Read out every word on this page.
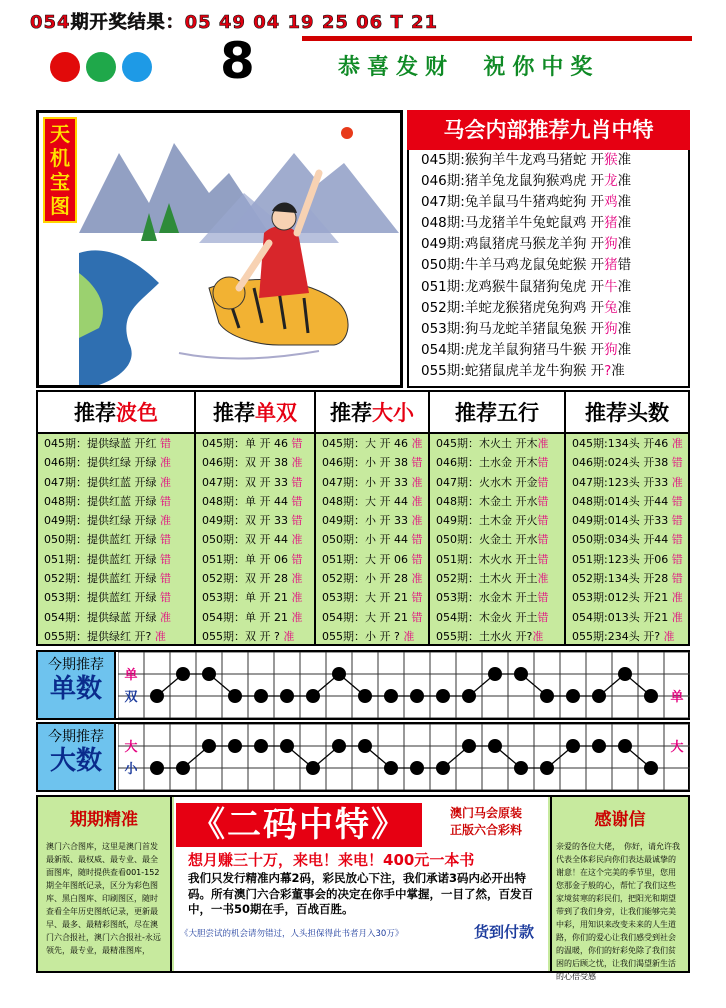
054期开奖结果：05 49 04 19 25 06 T 21
8	恭喜发财  祝你中奖
天
机
宝
图
马会内部推荐九肖中特
045期:猴狗羊牛龙鸡马猪蛇 开猴准
046期:猪羊兔龙鼠狗猴鸡虎 开龙准
047期:兔羊鼠马牛猪鸡蛇狗 开鸡准
048期:马龙猪羊牛兔蛇鼠鸡 开猪准
049期:鸡鼠猪虎马猴龙羊狗 开狗准
050期:牛羊马鸡龙鼠兔蛇猴 开猪错
051期:龙鸡猴牛鼠猪狗兔虎 开牛准
052期:羊蛇龙猴猪虎兔狗鸡 开兔准
053期:狗马龙蛇羊猪鼠兔猴 开狗准
054期:虎龙羊鼠狗猪马牛猴 开狗准
055期:蛇猪鼠虎羊龙牛狗猴 开?准
推荐波色
045期：提供绿蓝 开红 错
046期：提供红绿 开绿 准
047期：提供红蓝 开绿 准
048期：提供红蓝 开绿 错
049期：提供红绿 开绿 准
050期：提供蓝红 开绿 错
051期：提供蓝红 开绿 错
052期：提供蓝红 开绿 错
053期：提供蓝红 开绿 错
054期：提供绿蓝 开绿 准
055期：提供绿红 开? 准
推荐单双
045期：单 开 46 错
046期：双 开 38 准
047期：双 开 33 错
048期：单 开 44 错
049期：双 开 33 错
050期：双 开 44 准
051期：单 开 06 错
052期：双 开 28 准
053期：单 开 21 准
054期：单 开 21 准
055期：双 开 ? 准
推荐大小
045期：大 开 46 准
046期：小 开 38 错
047期：小 开 33 准
048期：大 开 44 准
049期：小 开 33 准
050期：小 开 44 错
051期：大 开 06 错
052期：小 开 28 准
053期：大 开 21 错
054期：大 开 21 错
055期：小 开 ? 准
推荐五行
045期：木火土 开木准
046期：土水金 开木错
047期：火水木 开金错
048期：木金土 开水错
049期：土木金 开火错
050期：火金土 开水错
051期：木火水 开土错
052期：土木火 开土准
053期：水金木 开土错
054期：木金火 开土错
055期：土水火 开?准
推荐头数
045期:134头 开46 准
046期:024头 开38 错
047期:123头 开33 准
048期:014头 开44 错
049期:014头 开33 错
050期:034头 开44 错
051期:123头 开06 错
052期:134头 开28 错
053期:012头 开21 准
054期:013头 开21 准
055期:234头 开? 准
今期推荐
单数	单
双	单
今期推荐
大数	大
小
大
期期精准
澳门六合图库，这里是澳门首发最新版、最权威、最专业、最全面图库，随时提供查看001-152期全年图纸记录，区分为彩色图库、黑白图库、印刷图区，随时查看全年历史图纸记录，更新最早、最多、最精彩图纸，尽在澳门六合报社，澳门六合报社-永远领先，最专业，最精准图库，
《二码中特》	澳门马会原装
正版六合彩料
想月赚三十万，来电！来电！400元一本书
我们只发行精准内幕2码，彩民放心下注，我们承诺3码内必开出特码。所有澳门六合彩董事会的决定在你手中掌握，一目了然，百发百中，一书50期在手，百战百胜。
《大胆尝试的机会请勿错过，人头担保得此书者月入30万》	货到付款
感谢信
亲爱的各位大佬，　你好，请允许我代表全体彩民向你们表达最诚挚的谢意！在这个完美的季节里，您用您那金子般的心，帮忙了我们这些家境贫寒的彩民们，把阳光和期望带到了我们身旁，让我们能够完美中彩，用知识来改变未来的人生道路，你们的爱心让我们感受到社会的温暖，你们的好彩免除了我们贫困的后顾之忧，让我们渴望新生活的心倍受感
